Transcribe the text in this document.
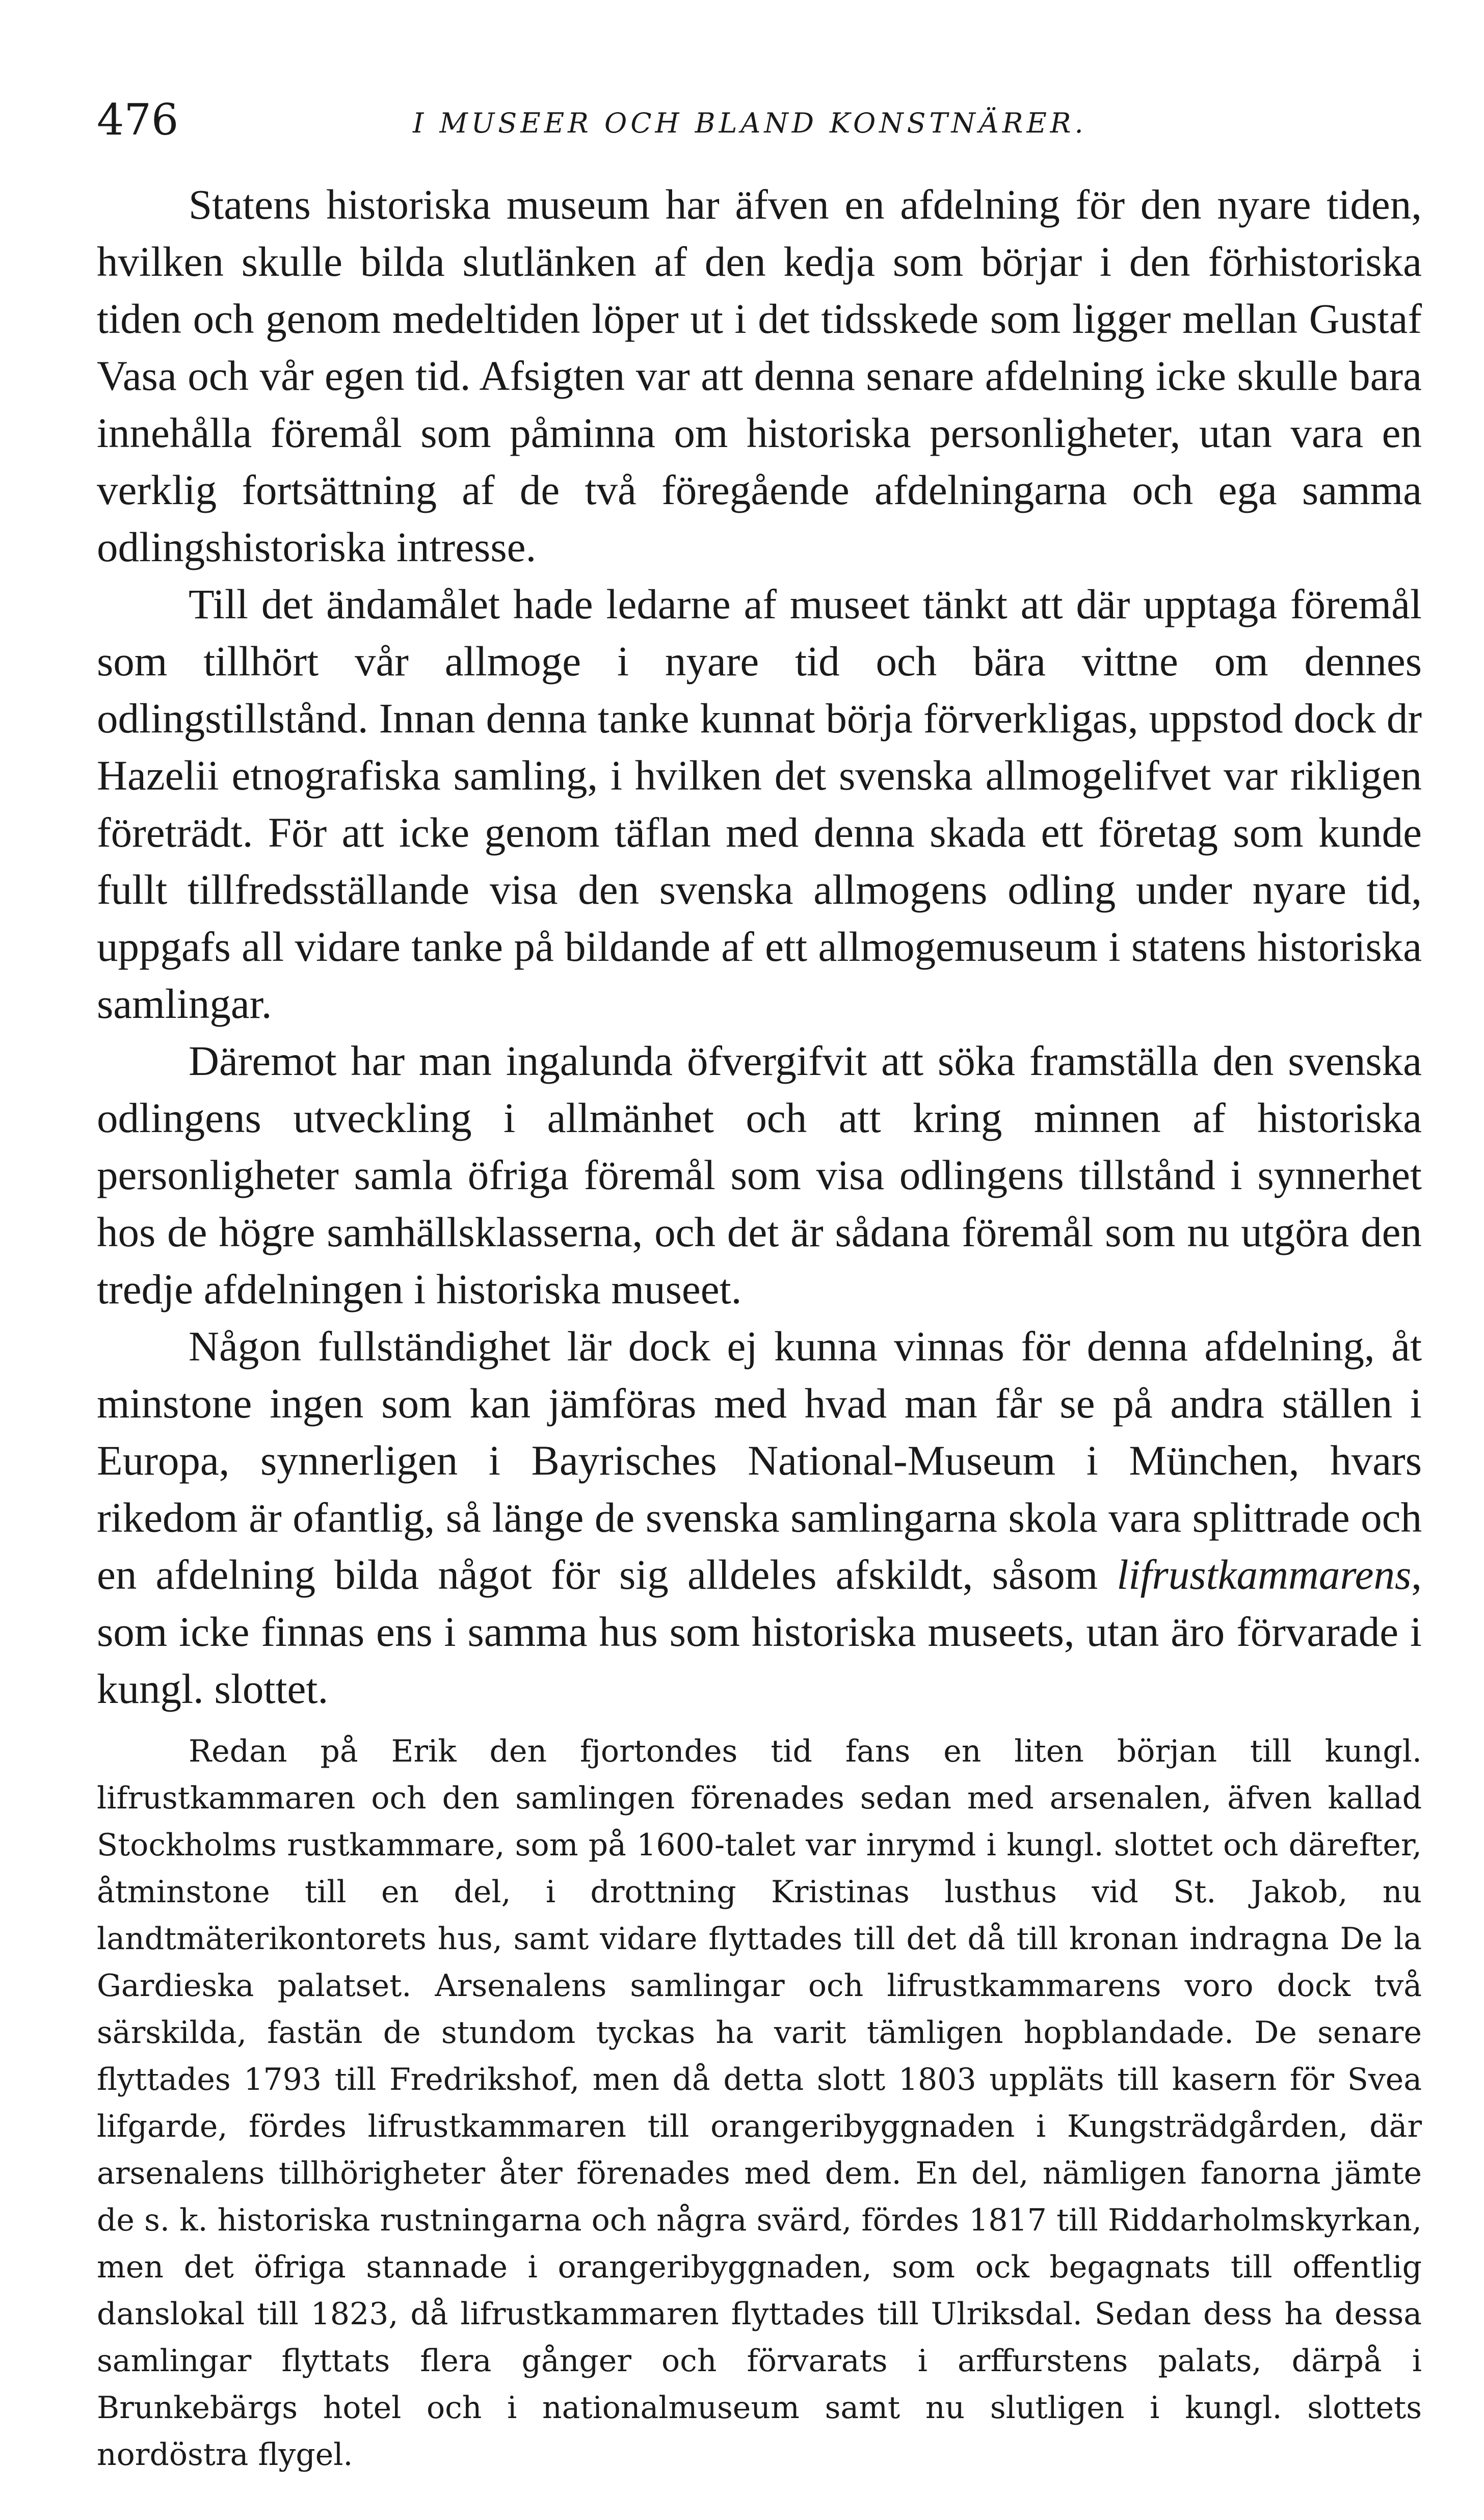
476	I MUSEER OCH BLAND KONSTNÄRER.

Statens historiska museum har äfven en afdelning för den nyare tiden, hvilken skulle bilda slutlänken af den kedja som börjar i den förhistoriska tiden och genom medeltiden löper ut i det tidsskede som ligger mellan Gustaf Vasa och vår egen tid. Afsigten var att denna senare afdelning icke skulle bara innehålla föremål som påminna om historiska personligheter, utan vara en verklig fortsättning af de två föregående afdelningarna och ega samma odlingshistoriska intresse.

Till det ändamålet hade ledarne af museet tänkt att där upptaga föremål som tillhört vår allmoge i nyare tid och bära vittne om dennes odlingstillstånd. Innan denna tanke kunnat börja förverkligas, uppstod dock dr Hazelii etnografiska samling, i hvilken det svenska allmogelifvet var rikligen företrädt. För att icke genom täflan med denna skada ett företag som kunde fullt tillfredsställande visa den svenska allmogens odling under nyare tid, uppgafs all vidare tanke på bildande af ett allmogemuseum i statens historiska samlingar.

Däremot har man ingalunda öfvergifvit att söka framställa den svenska odlingens utveckling i allmänhet och att kring minnen af historiska personligheter samla öfriga föremål som visa odlingens tillstånd i synnerhet hos de högre samhällsklasserna, och det är sådana föremål som nu utgöra den tredje afdelningen i historiska museet.

Någon fullständighet lär dock ej kunna vinnas för denna afdelning, åt minstone ingen som kan jämföras med hvad man får se på andra ställen i Europa, synnerligen i Bayrisches National-Museum i München, hvars rikedom är ofantlig, så länge de svenska samlingarna skola vara splittrade och en afdelning bilda något för sig alldeles afskildt, såsom lifrustkammarens, som icke finnas ens i samma hus som historiska museets, utan äro förvarade i kungl. slottet.

Redan på Erik den fjortondes tid fans en liten början till kungl. lifrustkammaren och den samlingen förenades sedan med arsenalen, äfven kallad Stockholms rustkammare, som på 1600-talet var inrymd i kungl. slottet och därefter, åtminstone till en del, i drottning Kristinas lusthus vid St. Jakob, nu landtmäterikontorets hus, samt vidare flyttades till det då till kronan indragna De la Gardieska palatset. Arsenalens samlingar och lifrustkammarens voro dock två särskilda, fastän de stundom tyckas ha varit tämligen hopblandade. De senare flyttades 1793 till Fredrikshof, men då detta slott 1803 uppläts till kasern för Svea lifgarde, fördes lifrustkammaren till orangeribyggnaden i Kungsträdgården, där arsenalens tillhörigheter åter förenades med dem. En del, nämligen fanorna jämte de s. k. historiska rustningarna och några svärd, fördes 1817 till Riddarholmskyrkan, men det öfriga stannade i orangeribyggnaden, som ock begagnats till offentlig danslokal till 1823, då lifrustkammaren flyttades till Ulriksdal. Sedan dess ha dessa samlingar flyttats flera gånger och förvarats i arffurstens palats, därpå i Brunkebärgs hotel och i nationalmuseum samt nu slutligen i kungl. slottets nordöstra flygel.
